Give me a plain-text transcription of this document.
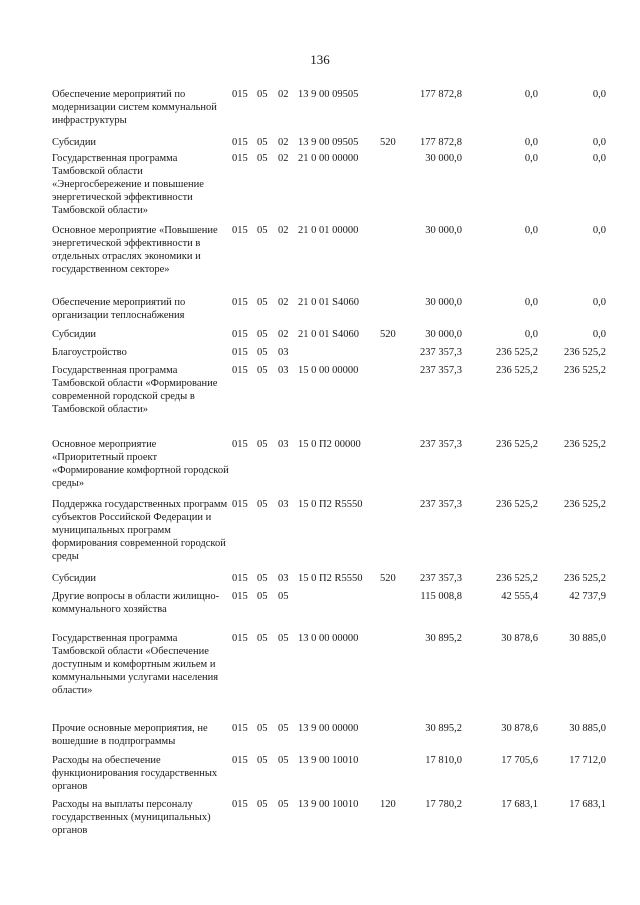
136
Обеспечение мероприятий по модернизации систем коммунальной инфраструктуры
015 05 02 13 9 00 09505	177 872,8	0,0	0,0
Субсидии	015 05 02 13 9 00 09505 520	177 872,8	0,0	0,0
Государственная программа Тамбовской области «Энергосбережение и повышение энергетической эффективности Тамбовской области»
015 05 02 21 0 00 00000	30 000,0	0,0	0,0
Основное мероприятие «Повышение энергетической эффективности в отдельных отраслях экономики и государственном секторе»
015 05 02 21 0 01 00000	30 000,0	0,0	0,0
Обеспечение мероприятий по организации теплоснабжения
015 05 02 21 0 01 S4060	30 000,0	0,0	0,0
Субсидии	015 05 02 21 0 01 S4060 520	30 000,0	0,0	0,0
Благоустройство	015 05 03	237 357,3	236 525,2	236 525,2
Государственная программа Тамбовской области «Формирование современной городской среды в Тамбовской области»
015 05 03 15 0 00 00000	237 357,3	236 525,2	236 525,2
Основное мероприятие «Приоритетный проект «Формирование комфортной городской среды»
015 05 03 15 0 П2 00000	237 357,3	236 525,2	236 525,2
Поддержка государственных программ субъектов Российской Федерации и муниципальных программ формирования современной городской среды
015 05 03 15 0 П2 R5550	237 357,3	236 525,2	236 525,2
Субсидии	015 05 03 15 0 П2 R5550 520	237 357,3	236 525,2	236 525,2
Другие вопросы в области жилищно-коммунального хозяйства
015 05 05	115 008,8	42 555,4	42 737,9
Государственная программа Тамбовской области «Обеспечение доступным и комфортным жильем и коммунальными услугами населения области»
015 05 05 13 0 00 00000	30 895,2	30 878,6	30 885,0
Прочие основные мероприятия, не вошедшие в подпрограммы
015 05 05 13 9 00 00000	30 895,2	30 878,6	30 885,0
Расходы на обеспечение функционирования государственных органов
015 05 05 13 9 00 10010	17 810,0	17 705,6	17 712,0
Расходы на выплаты персоналу государственных (муниципальных) органов
015 05 05 13 9 00 10010 120	17 780,2	17 683,1	17 683,1
